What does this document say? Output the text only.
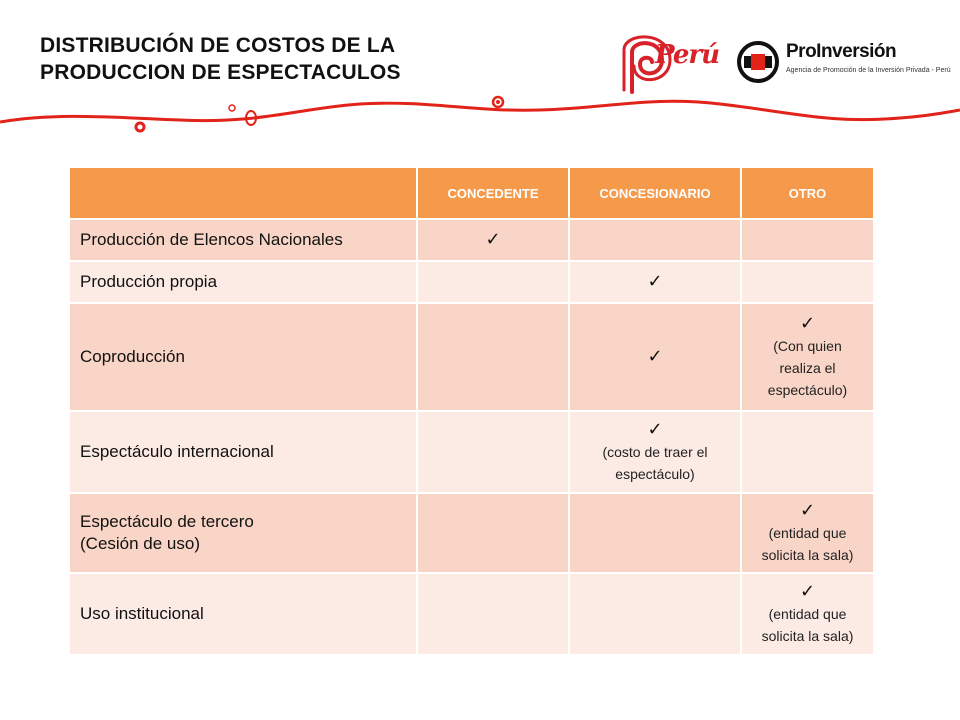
DISTRIBUCIÓN DE COSTOS DE LA
PRODUCCION DE ESPECTACULOS
Perú	ProInversión
Agencia de Promoción de la Inversión Privada - Perú
	CONCEDENTE	CONCESIONARIO	OTRO

Producción de Elencos Nacionales	✓		

Producción propia		✓	

Coproducción		✓	✓
(Con quien
realiza el
espectáculo)

Espectáculo internacional		✓
(costo de traer el
espectáculo)	

Espectáculo de tercero
(Cesión de uso)			✓
(entidad que
solicita la sala)

Uso institucional			✓
(entidad que
solicita la sala)
